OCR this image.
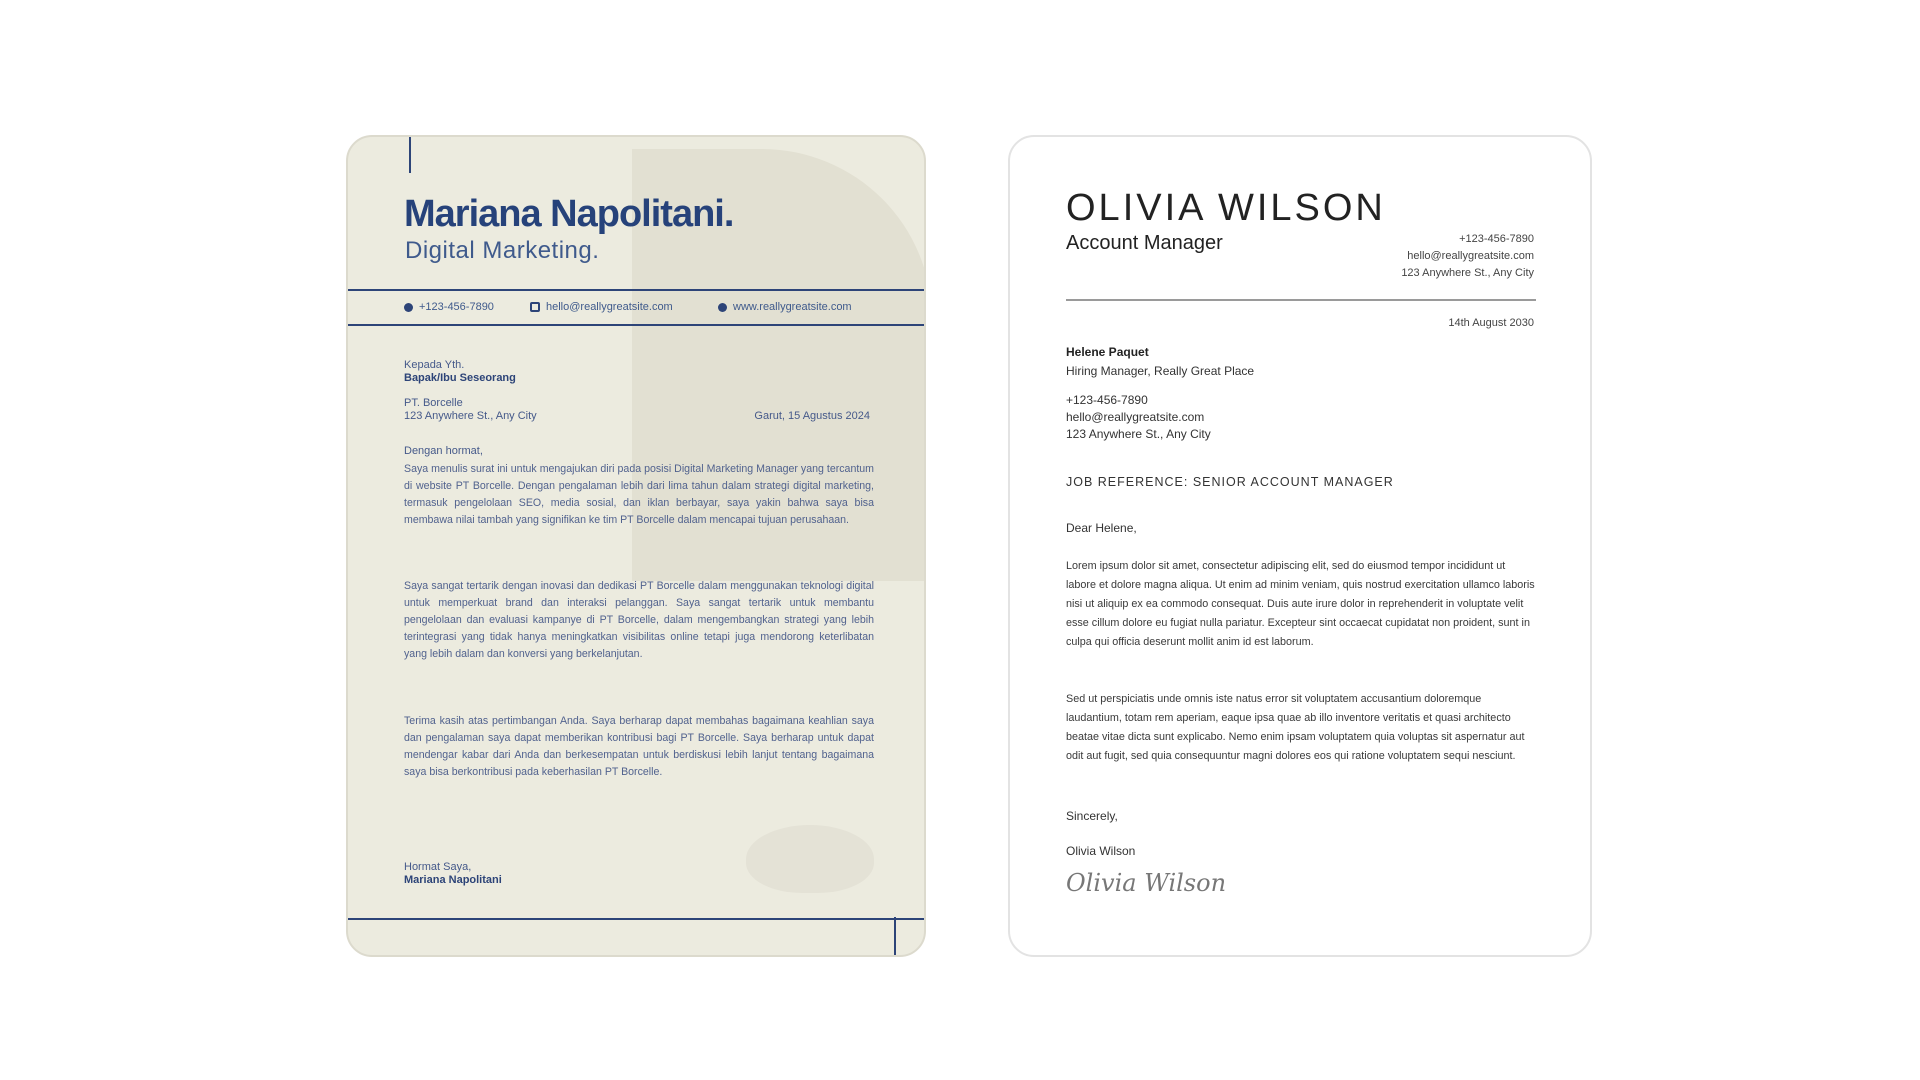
Mariana Napolitani.
Digital Marketing.
+123-456-7890	hello@reallygreatsite.com	www.reallygreatsite.com
Kepada Yth.
Bapak/Ibu Seseorang
PT. Borcelle
123 Anywhere St., Any City	Garut, 15 Agustus 2024
Dengan hormat,
Saya menulis surat ini untuk mengajukan diri pada posisi Digital Marketing Manager yang tercantum di website PT Borcelle. Dengan pengalaman lebih dari lima tahun dalam strategi digital marketing, termasuk pengelolaan SEO, media sosial, dan iklan berbayar, saya yakin bahwa saya bisa membawa nilai tambah yang signifikan ke tim PT Borcelle dalam mencapai tujuan perusahaan.
Saya sangat tertarik dengan inovasi dan dedikasi PT Borcelle dalam menggunakan teknologi digital untuk memperkuat brand dan interaksi pelanggan. Saya sangat tertarik untuk membantu pengelolaan dan evaluasi kampanye di PT Borcelle, dalam mengembangkan strategi yang lebih terintegrasi yang tidak hanya meningkatkan visibilitas online tetapi juga mendorong keterlibatan yang lebih dalam dan konversi yang berkelanjutan.
Terima kasih atas pertimbangan Anda. Saya berharap dapat membahas bagaimana keahlian saya dan pengalaman saya dapat memberikan kontribusi bagi PT Borcelle. Saya berharap untuk dapat mendengar kabar dari Anda dan berkesempatan untuk berdiskusi lebih lanjut tentang bagaimana saya bisa berkontribusi pada keberhasilan PT Borcelle.
Hormat Saya,
Mariana Napolitani
OLIVIA WILSON
Account Manager	+123-456-7890
hello@reallygreatsite.com
123 Anywhere St., Any City
14th August 2030
Helene Paquet
Hiring Manager, Really Great Place
+123-456-7890
hello@reallygreatsite.com
123 Anywhere St., Any City
JOB REFERENCE: SENIOR ACCOUNT MANAGER
Dear Helene,
Lorem ipsum dolor sit amet, consectetur adipiscing elit, sed do eiusmod tempor incididunt ut labore et dolore magna aliqua. Ut enim ad minim veniam, quis nostrud exercitation ullamco laboris nisi ut aliquip ex ea commodo consequat. Duis aute irure dolor in reprehenderit in voluptate velit esse cillum dolore eu fugiat nulla pariatur. Excepteur sint occaecat cupidatat non proident, sunt in culpa qui officia deserunt mollit anim id est laborum.
Sed ut perspiciatis unde omnis iste natus error sit voluptatem accusantium doloremque laudantium, totam rem aperiam, eaque ipsa quae ab illo inventore veritatis et quasi architecto beatae vitae dicta sunt explicabo. Nemo enim ipsam voluptatem quia voluptas sit aspernatur aut odit aut fugit, sed quia consequuntur magni dolores eos qui ratione voluptatem sequi nesciunt.
Sincerely,
Olivia Wilson
Olivia Wilson
